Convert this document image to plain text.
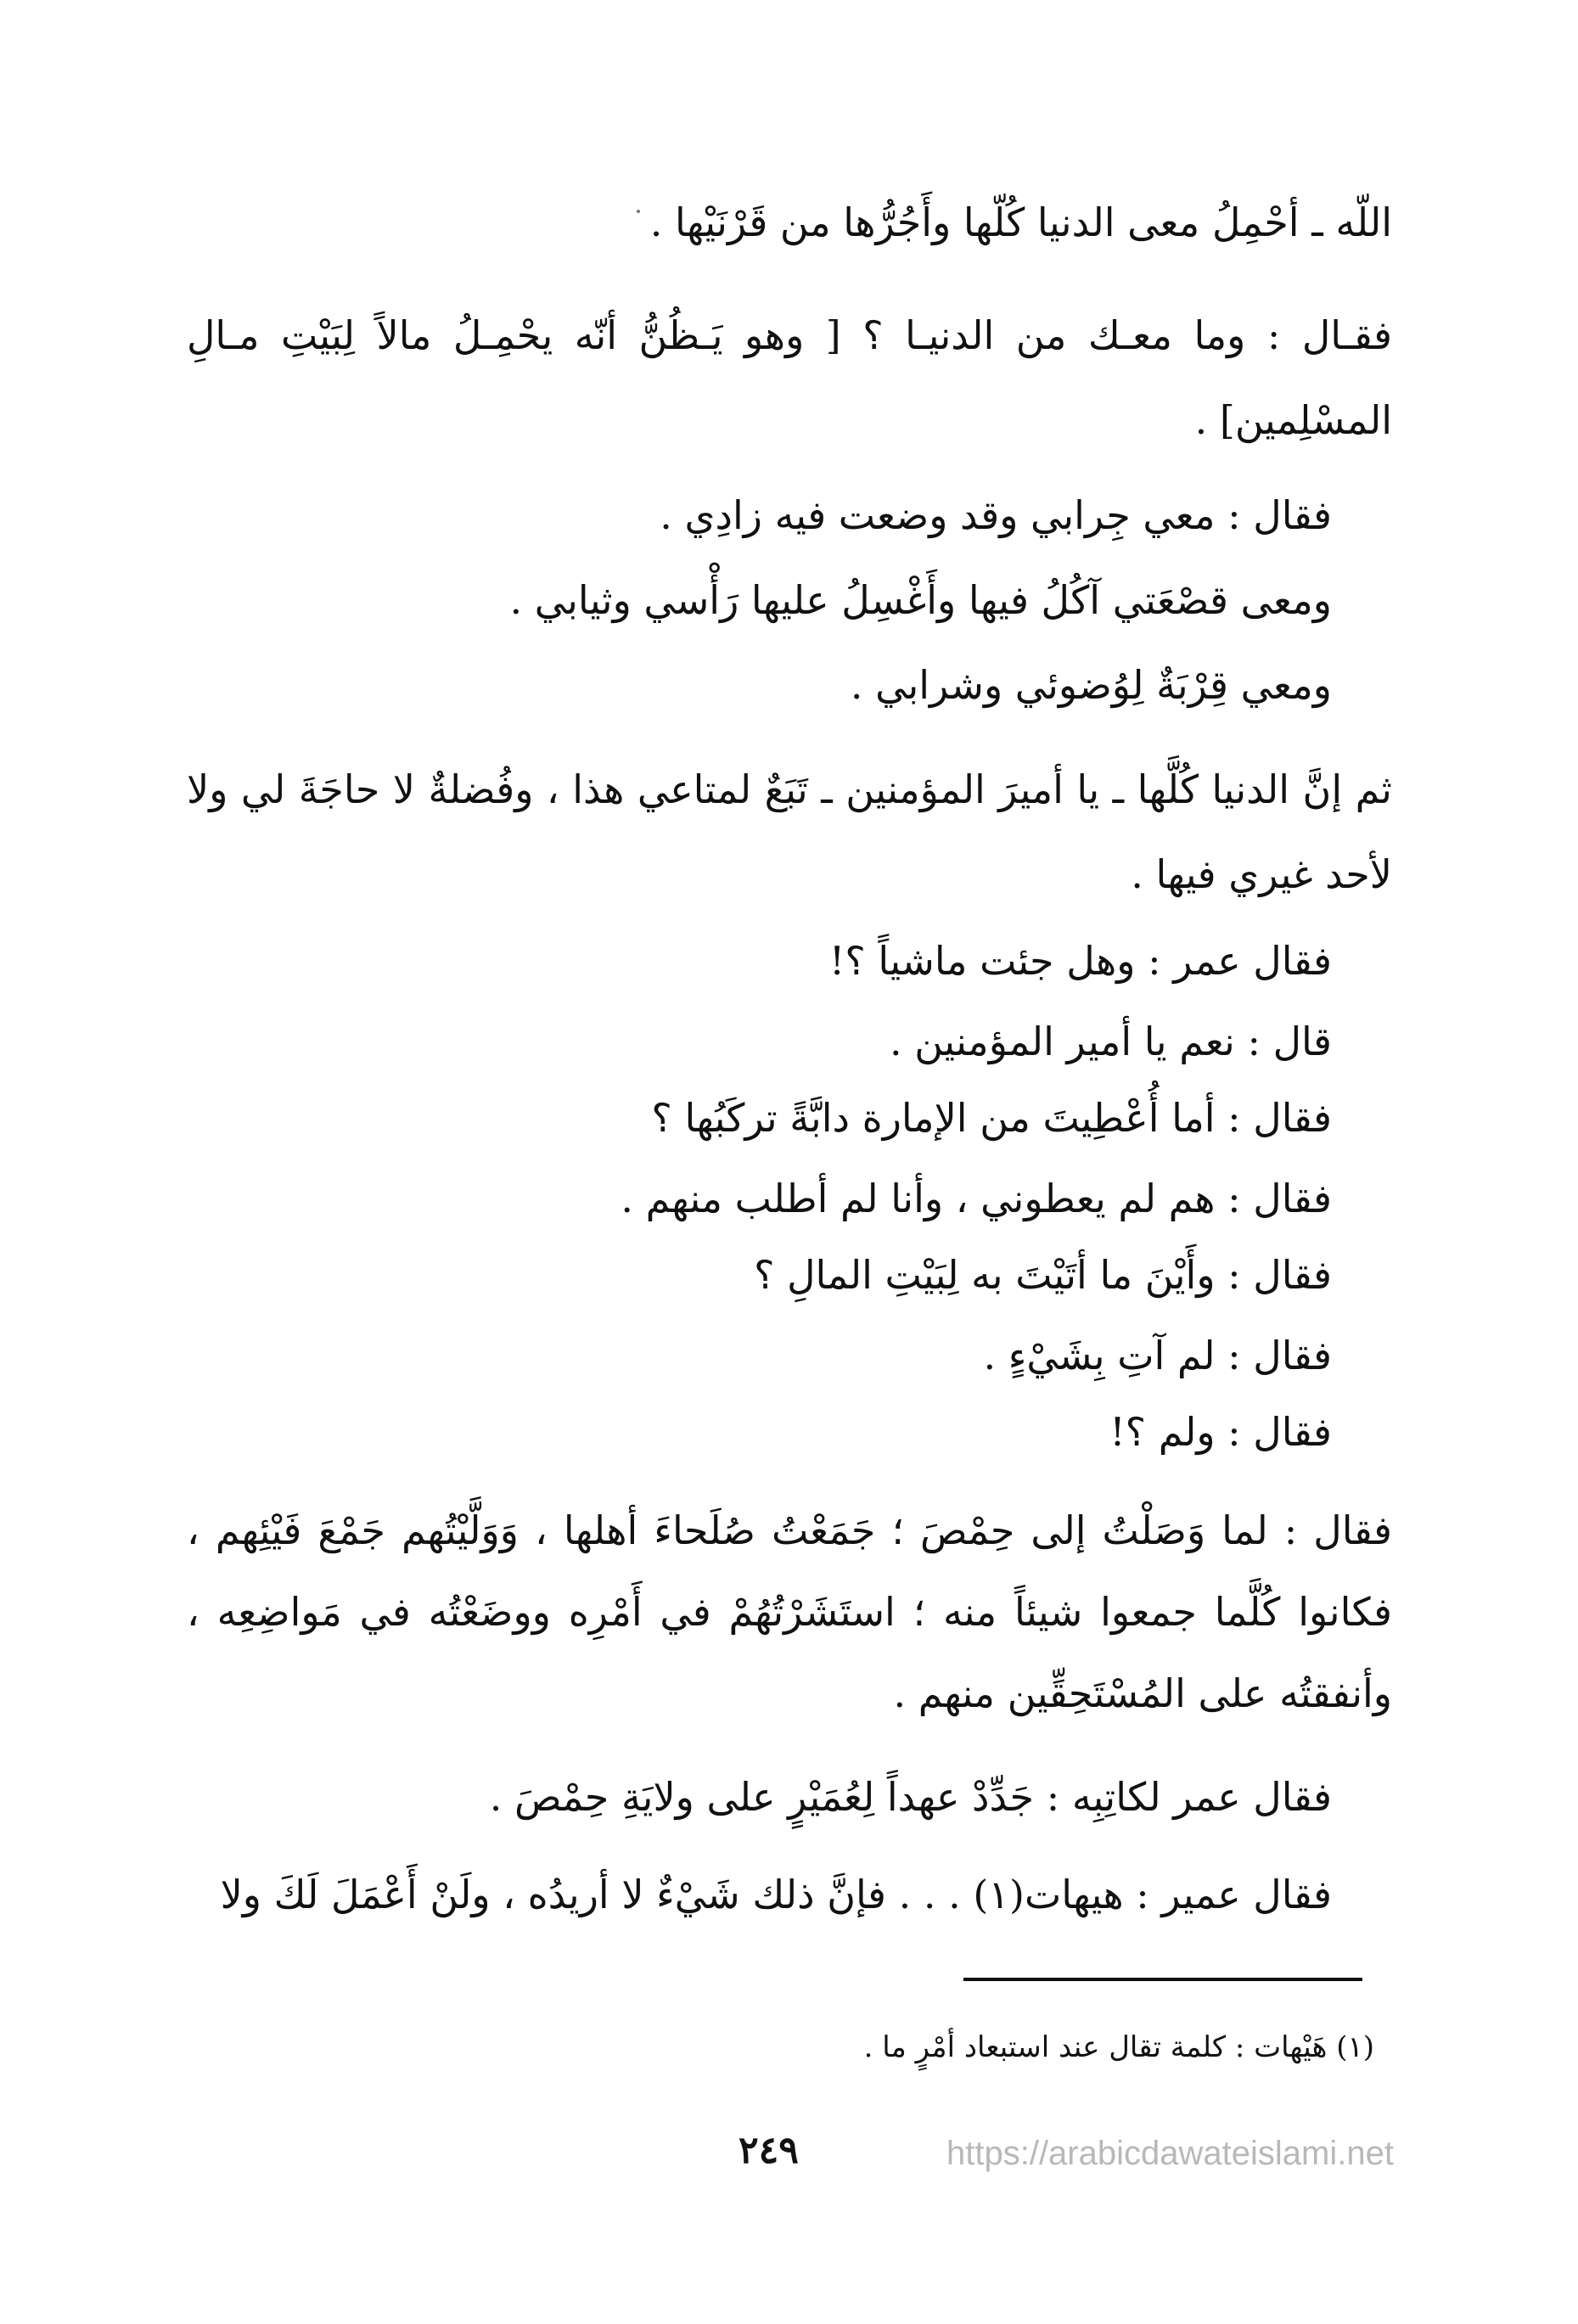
اللّه ـ أحْمِلُ معى الدنيا كُلّها وأَجُرُّها من قَرْنَيْها .
فقـال : وما معـك من الدنيـا ؟ [ وهو يَـظُنُّ أنّه يحْمِـلُ مالاً لِبَيْتِ مـالِ المسْلِمين] .
فقال : معي جِرابي وقد وضعت فيه زادِي .
ومعى قصْعَتي آكُلُ فيها وأَغْسِلُ عليها رَأْسي وثيابي .
ومعي قِرْبَةٌ لِوُضوئي وشرابي .
ثم إنَّ الدنيا كُلَّها ـ يا أميرَ المؤمنين ـ تَبَعٌ لمتاعي هذا ، وفُضلةٌ لا حاجَةَ لي ولا لأحد غيري فيها .
فقال عمر : وهل جئت ماشياً ؟!
قال : نعم يا أمير المؤمنين .
فقال : أما أُعْطِيتَ من الإمارة دابَّةً تركَبُها ؟
فقال : هم لم يعطوني ، وأنا لم أطلب منهم .
فقال : وأَيْنَ ما أتَيْتَ به لِبَيْتِ المالِ ؟
فقال : لم آتِ بِشَيْءٍ .
فقال : ولم ؟!
فقال : لما وَصَلْتُ إلى حِمْصَ ؛ جَمَعْتُ صُلَحاءَ أهلها ، وَوَلَّيْتُهم جَمْعَ فَيْئِهم ، فكانوا كُلَّما جمعوا شيئاً منه ؛ استَشَرْتُهُمْ في أَمْرِه ووضَعْتُه في مَواضِعِه ، وأنفقتُه على المُسْتَحِقِّين منهم .
فقال عمر لكاتِبِه : جَدِّدْ عهداً لِعُمَيْرٍ على ولايَةِ حِمْصَ .
فقال عمير : هيهات(١) . . . فإنَّ ذلك شَيْءٌ لا أريدُه ، ولَنْ أَعْمَلَ لَكَ ولا
(١) هَيْهات : كلمة تقال عند استبعاد أمْرٍ ما .
٢٤٩	https://arabicdawateislami.net
